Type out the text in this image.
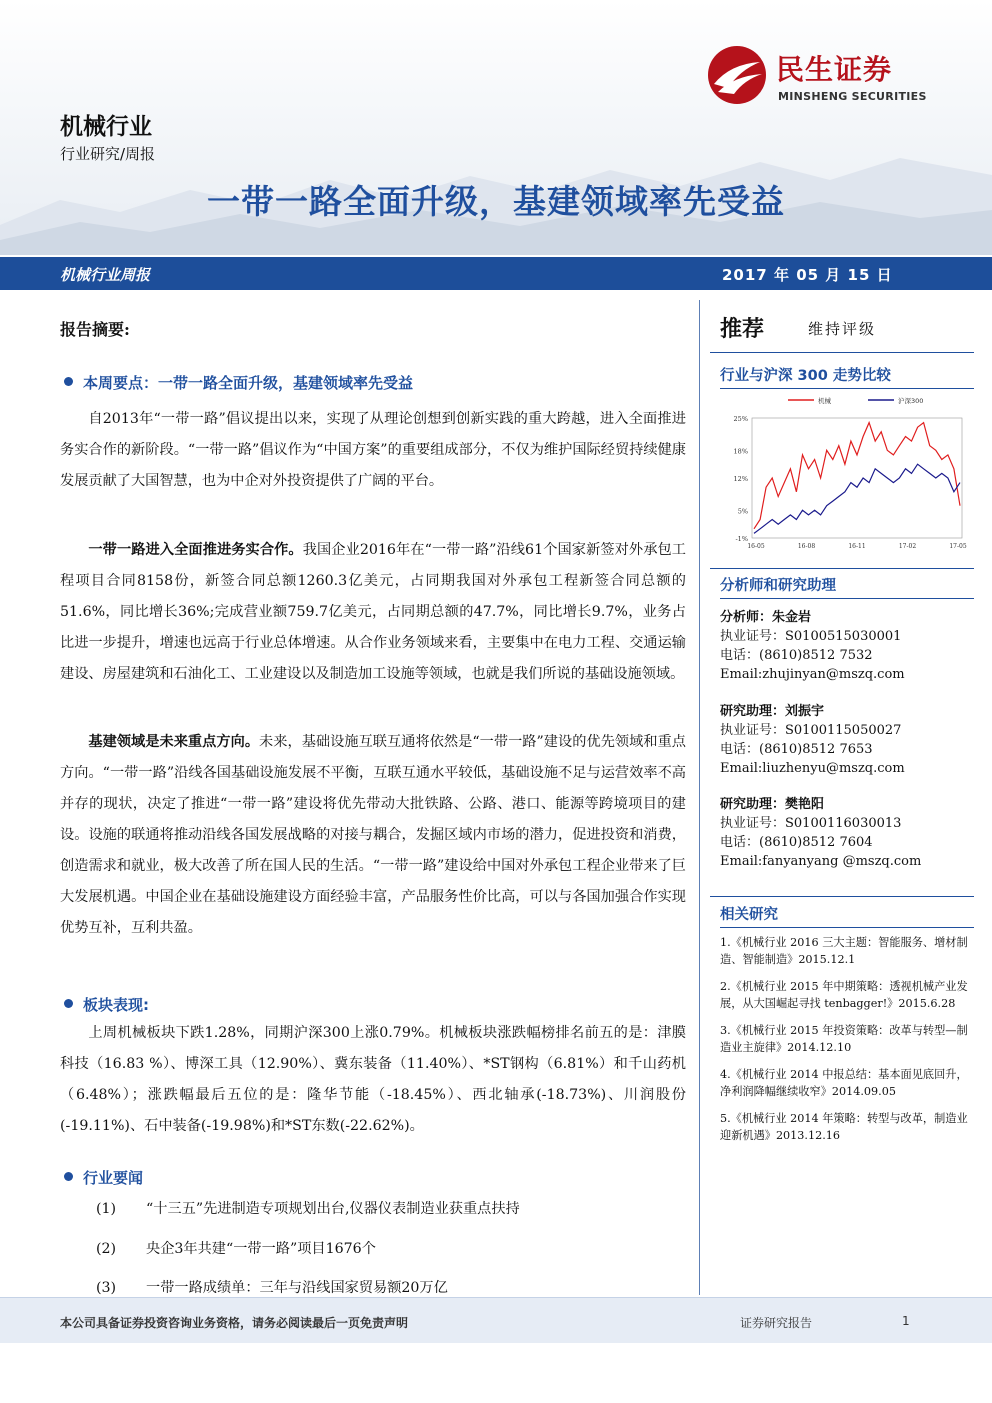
机械行业
行业研究/周报
一带一路全面升级，基建领域率先受益
民生证券
MINSHENG SECURITIES
机械行业周报	2017 年 05 月 15 日
报告摘要:
本周要点：一带一路全面升级，基建领域率先受益
自2013年“一带一路”倡议提出以来，实现了从理论创想到创新实践的重大跨越，进入全面推进务实合作的新阶段。“一带一路”倡议作为“中国方案”的重要组成部分，不仅为维护国际经贸持续健康发展贡献了大国智慧，也为中企对外投资提供了广阔的平台。
一带一路进入全面推进务实合作。我国企业2016年在“一带一路”沿线61个国家新签对外承包工程项目合同8158份，新签合同总额1260.3亿美元，占同期我国对外承包工程新签合同总额的51.6%，同比增长36%;完成营业额759.7亿美元，占同期总额的47.7%，同比增长9.7%，业务占比进一步提升，增速也远高于行业总体增速。从合作业务领域来看，主要集中在电力工程、交通运输建设、房屋建筑和石油化工、工业建设以及制造加工设施等领域，也就是我们所说的基础设施领域。
基建领域是未来重点方向。未来，基础设施互联互通将依然是“一带一路”建设的优先领域和重点方向。“一带一路”沿线各国基础设施发展不平衡，互联互通水平较低，基础设施不足与运营效率不高并存的现状，决定了推进“一带一路”建设将优先带动大批铁路、公路、港口、能源等跨境项目的建设。设施的联通将推动沿线各国发展战略的对接与耦合，发掘区域内市场的潜力，促进投资和消费，创造需求和就业，极大改善了所在国人民的生活。“一带一路”建设给中国对外承包工程企业带来了巨大发展机遇。中国企业在基础设施建设方面经验丰富，产品服务性价比高，可以与各国加强合作实现优势互补，互利共盈。
板块表现:
上周机械板块下跌1.28%，同期沪深300上涨0.79%。机械板块涨跌幅榜排名前五的是：津膜科技（16.83 %）、博深工具（12.90%）、冀东装备（11.40%）、*ST钢构（6.81%）和千山药机（6.48%）；涨跌幅最后五位的是：隆华节能（-18.45%）、西北轴承(-18.73%)、川润股份(-19.11%)、石中装备(-19.98%)和*ST东数(-22.62%)。
行业要闻
(1) “十三五”先进制造专项规划出台,仪器仪表制造业获重点扶持
(2) 央企3年共建“一带一路”项目1676个
(3) 一带一路成绩单：三年与沿线国家贸易额20万亿
推荐	维持评级
行业与沪深 300 走势比较
25%
18%
12%
5%
-1%
16-05	16-08	16-11	17-02	17-05
机械	沪深300
分析师和研究助理
分析师：朱金岩
执业证号：S0100515030001
电话：(8610)8512 7532
Email:zhujinyan@mszq.com
研究助理：刘振宇
执业证号：S0100115050027
电话：(8610)8512 7653
Email:liuzhenyu@mszq.com
研究助理：樊艳阳
执业证号：S0100116030013
电话：(8610)8512 7604
Email:fanyanyang @mszq.com
相关研究
1.《机械行业 2016 三大主题：智能服务、增材制造、智能制造》2015.12.1
2.《机械行业 2015 年中期策略：透视机械产业发展，从大国崛起寻找 tenbagger!》2015.6.28
3.《机械行业 2015 年投资策略：改革与转型—制造业主旋律》2014.12.10
4.《机械行业 2014 中报总结：基本面见底回升，净利润降幅继续收窄》2014.09.05
5.《机械行业 2014 年策略：转型与改革，制造业迎新机遇》2013.12.16
本公司具备证券投资咨询业务资格，请务必阅读最后一页免责声明	证券研究报告	1
